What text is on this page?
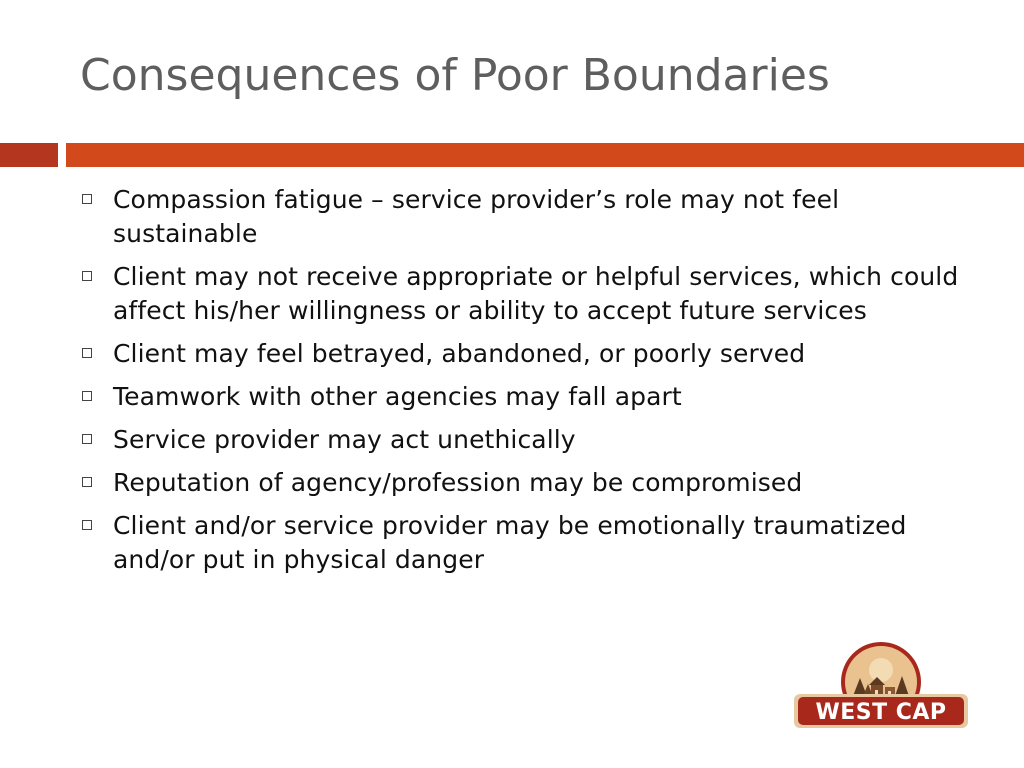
Consequences of Poor Boundaries
Compassion fatigue – service provider’s role may not feel sustainable
Client may not receive appropriate or helpful services, which could affect his/her willingness or ability to accept future services
Client may feel betrayed, abandoned, or poorly served
Teamwork with other agencies may fall apart
Service provider may act unethically
Reputation of agency/profession may be compromised
Client and/or service provider may be emotionally traumatized and/or put in physical danger
WEST CAP
